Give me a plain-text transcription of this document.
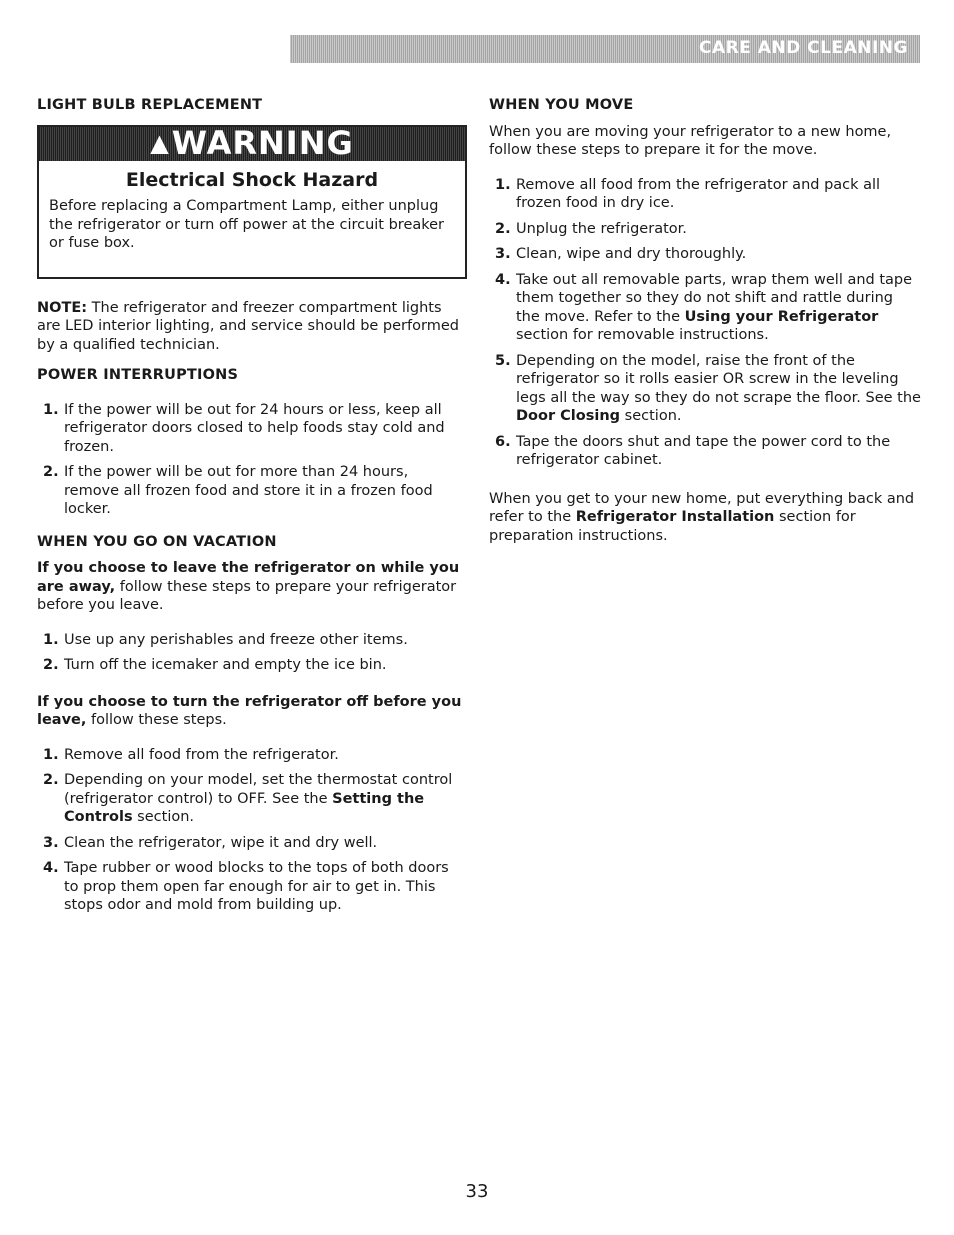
CARE AND CLEANING
LIGHT BULB REPLACEMENT
▲ WARNING
Electrical Shock Hazard
Before replacing a Compartment Lamp, either unplug the refrigerator or turn off power at the circuit breaker or fuse box.

NOTE: The refrigerator and freezer compartment lights are LED interior lighting, and service should be performed by a qualified technician.

POWER INTERRUPTIONS
1. If the power will be out for 24 hours or less, keep all refrigerator doors closed to help foods stay cold and frozen.
2. If the power will be out for more than 24 hours, remove all frozen food and store it in a frozen food locker.
WHEN YOU GO ON VACATION

If you choose to leave the refrigerator on while you are away, follow these steps to prepare your refrigerator before you leave.

1. Use up any perishables and freeze other items.
2. Turn off the icemaker and empty the ice bin.

If you choose to turn the refrigerator off before you leave, follow these steps.

1. Remove all food from the refrigerator.
2. Depending on your model, set the thermostat control (refrigerator control) to OFF. See the Setting the Controls section.
3. Clean the refrigerator, wipe it and dry well.
4. Tape rubber or wood blocks to the tops of both doors to prop them open far enough for air to get in. This stops odor and mold from building up.
WHEN YOU MOVE

When you are moving your refrigerator to a new home, follow these steps to prepare it for the move.

1. Remove all food from the refrigerator and pack all frozen food in dry ice.
2. Unplug the refrigerator.
3. Clean, wipe and dry thoroughly.
4. Take out all removable parts, wrap them well and tape them together so they do not shift and rattle during the move. Refer to the Using your Refrigerator section for removable instructions.
5. Depending on the model, raise the front of the refrigerator so it rolls easier OR screw in the leveling legs all the way so they do not scrape the floor. See the Door Closing section.
6. Tape the doors shut and tape the power cord to the refrigerator cabinet.

When you get to your new home, put everything back and refer to the Refrigerator Installation section for preparation instructions.

33
